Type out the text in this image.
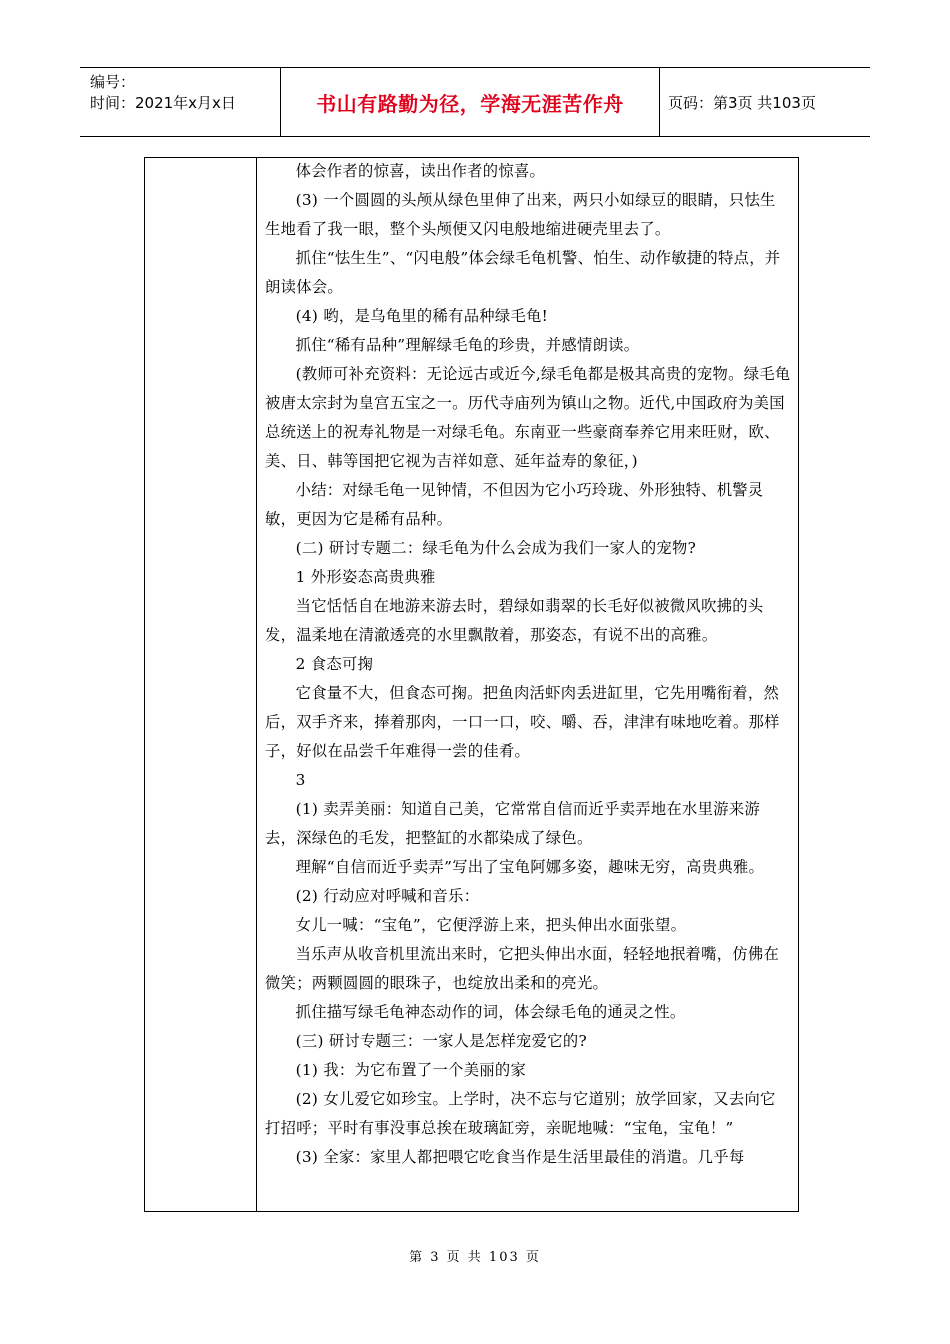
编号：
时间：2021年x月x日	书山有路勤为径，学海无涯苦作舟	页码：第3页 共103页

体会作者的惊喜，读出作者的惊喜。

(3) 一个圆圆的头颅从绿色里伸了出来，两只小如绿豆的眼睛，只怯生生地看了我一眼，整个头颅便又闪电般地缩进硬壳里去了。

抓住“怯生生”、“闪电般”体会绿毛龟机警、怕生、动作敏捷的特点，并朗读体会。

(4) 哟，是乌龟里的稀有品种绿毛龟!

抓住“稀有品种”理解绿毛龟的珍贵，并感情朗读。

(教师可补充资料：无论远古或近今,绿毛龟都是极其高贵的宠物。绿毛龟被唐太宗封为皇宫五宝之一。历代寺庙列为镇山之物。近代,中国政府为美国总统送上的祝寿礼物是一对绿毛龟。东南亚一些豪商奉养它用来旺财，欧、美、日、韩等国把它视为吉祥如意、延年益寿的象征，)

小结：对绿毛龟一见钟情，不但因为它小巧玲珑、外形独特、机警灵敏，更因为它是稀有品种。

(二) 研讨专题二：绿毛龟为什么会成为我们一家人的宠物?

1 外形姿态高贵典雅

当它恬恬自在地游来游去时，碧绿如翡翠的长毛好似被微风吹拂的头发，温柔地在清澈透亮的水里飘散着，那姿态，有说不出的高雅。

2 食态可掬

它食量不大，但食态可掬。把鱼肉活虾肉丢进缸里，它先用嘴衔着，然后，双手齐来，捧着那肉，一口一口，咬、嚼、吞，津津有味地吃着。那样子，好似在品尝千年难得一尝的佳肴。

3

(1) 卖弄美丽：知道自己美，它常常自信而近乎卖弄地在水里游来游去，深绿色的毛发，把整缸的水都染成了绿色。

理解“自信而近乎卖弄”写出了宝龟阿娜多姿，趣味无穷，高贵典雅。

(2) 行动应对呼喊和音乐：

女儿一喊：“宝龟”，它便浮游上来，把头伸出水面张望。

当乐声从收音机里流出来时，它把头伸出水面，轻轻地抿着嘴，仿佛在微笑；两颗圆圆的眼珠子，也绽放出柔和的亮光。

抓住描写绿毛龟神态动作的词，体会绿毛龟的通灵之性。

(三) 研讨专题三：一家人是怎样宠爱它的?

(1) 我：为它布置了一个美丽的家

(2) 女儿爱它如珍宝。上学时，决不忘与它道别；放学回家，又去向它打招呼；平时有事没事总挨在玻璃缸旁，亲昵地喊：“宝龟，宝龟！”

(3) 全家：家里人都把喂它吃食当作是生活里最佳的消遣。几乎每

第 3 页 共 103 页
